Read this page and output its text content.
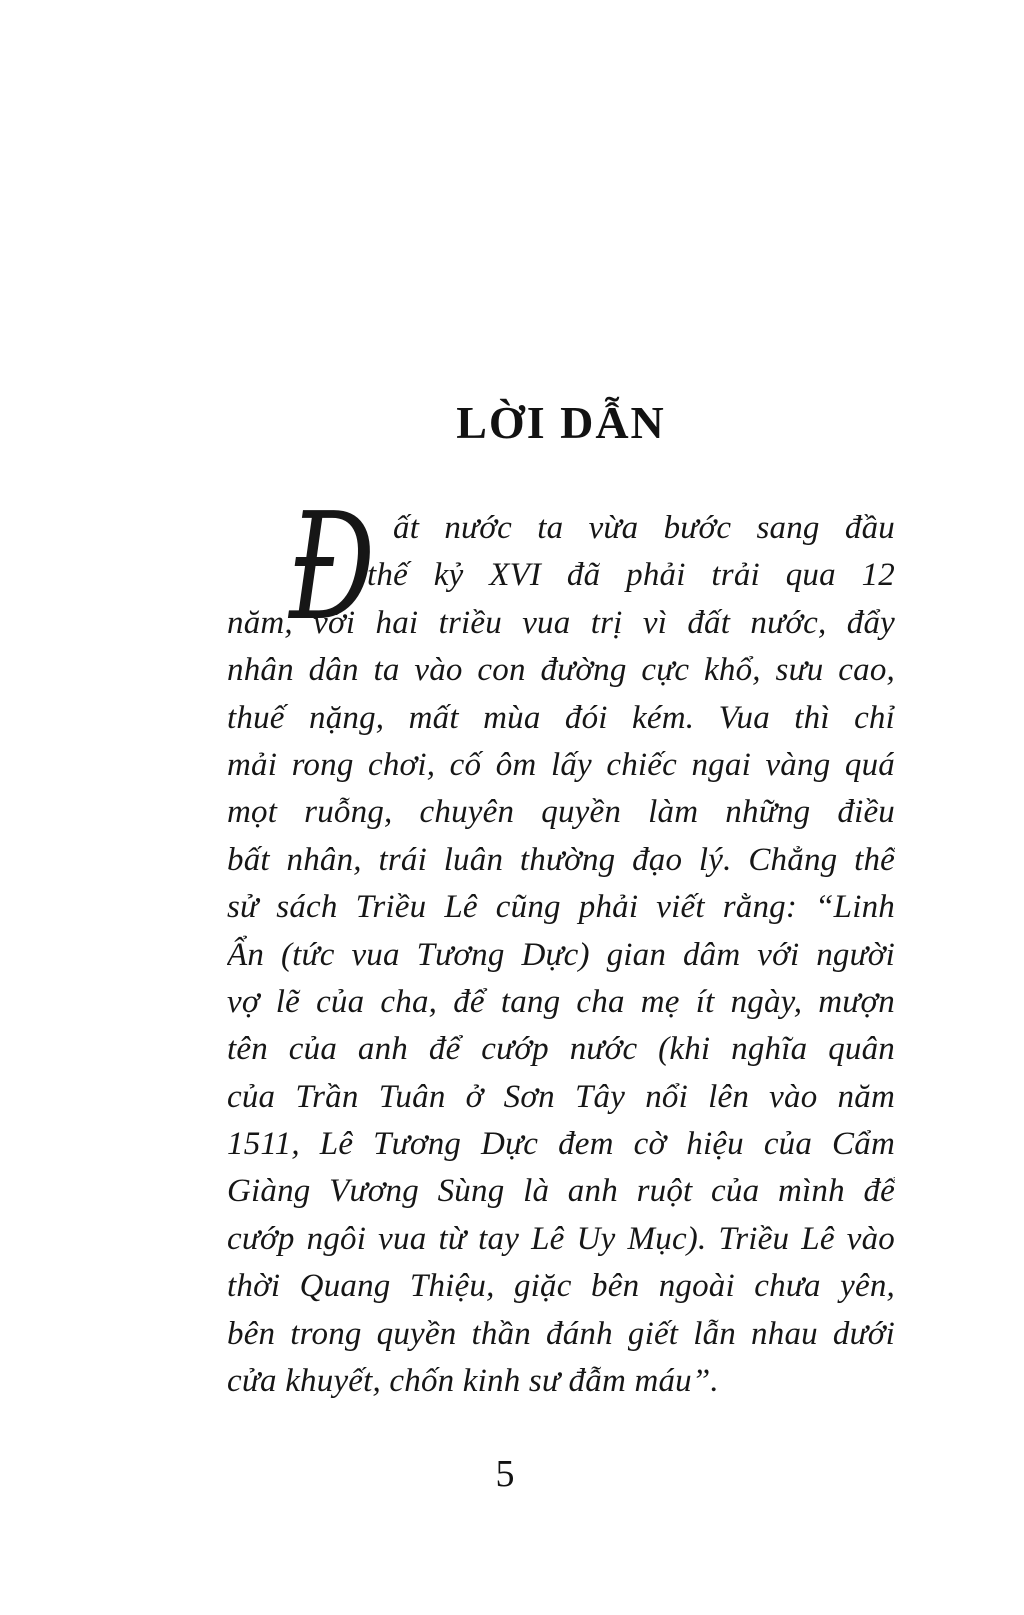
LỜI DẪN
Đ ất nước ta vừa bước sang đầu
thế kỷ XVI đã phải trải qua 12
năm, với hai triều vua trị vì đất nước, đẩy
nhân dân ta vào con đường cực khổ, sưu cao,
thuế nặng, mất mùa đói kém. Vua thì chỉ
mải rong chơi, cố ôm lấy chiếc ngai vàng quá
mọt ruỗng, chuyên quyền làm những điều
bất nhân, trái luân thường đạo lý. Chẳng thế
sử sách Triều Lê cũng phải viết rằng: “Linh
Ẩn (tức vua Tương Dực) gian dâm với người
vợ lẽ của cha, để tang cha mẹ ít ngày, mượn
tên của anh để cướp nước (khi nghĩa quân
của Trần Tuân ở Sơn Tây nổi lên vào năm
1511, Lê Tương Dực đem cờ hiệu của Cẩm
Giàng Vương Sùng là anh ruột của mình để
cướp ngôi vua từ tay Lê Uy Mục). Triều Lê vào
thời Quang Thiệu, giặc bên ngoài chưa yên,
bên trong quyền thần đánh giết lẫn nhau dưới
cửa khuyết, chốn kinh sư đẫm máu”.
5
